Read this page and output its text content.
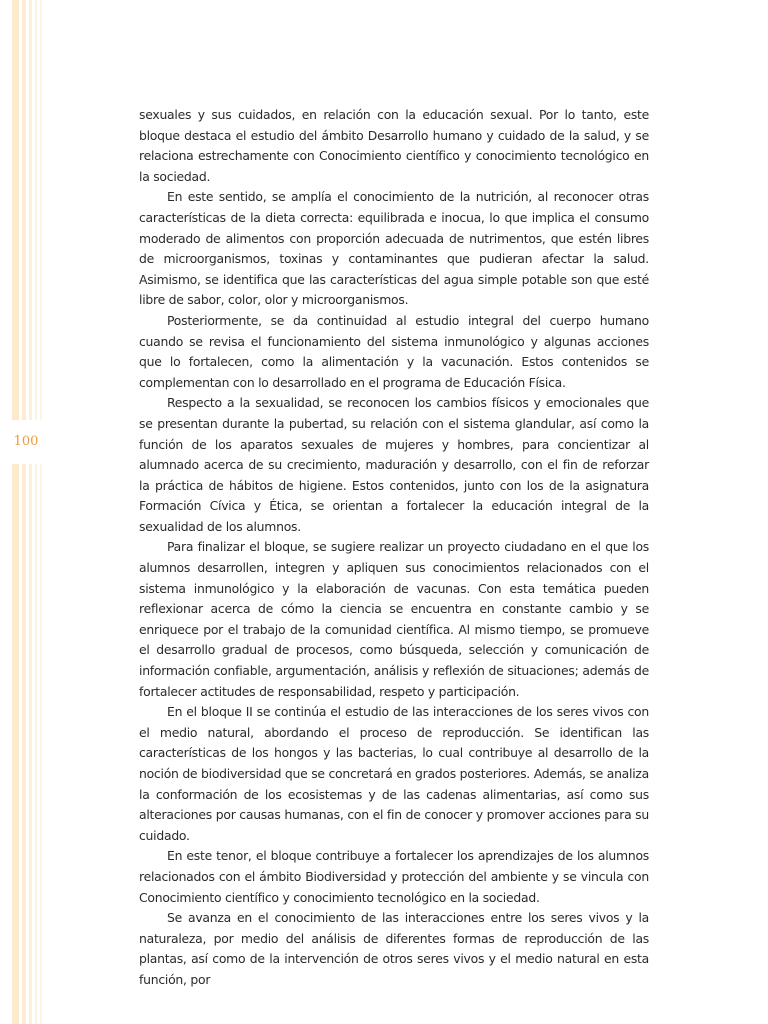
100

sexuales y sus cuidados, en relación con la educación sexual. Por lo tanto, este bloque destaca el estudio del ámbito Desarrollo humano y cuidado de la salud, y se relaciona estrechamente con Conocimiento científico y conocimiento tecnológico en la sociedad.

En este sentido, se amplía el conocimiento de la nutrición, al reconocer otras características de la dieta correcta: equilibrada e inocua, lo que implica el consumo moderado de alimentos con proporción adecuada de nutrimentos, que estén libres de microorganismos, toxinas y contaminantes que pudieran afectar la salud. Asimismo, se identifica que las características del agua simple potable son que esté libre de sabor, color, olor y microorganismos.

Posteriormente, se da continuidad al estudio integral del cuerpo humano cuando se revisa el funcionamiento del sistema inmunológico y algunas acciones que lo fortalecen, como la alimentación y la vacunación. Estos contenidos se complementan con lo desarrollado en el programa de Educación Física.

Respecto a la sexualidad, se reconocen los cambios físicos y emocionales que se presentan durante la pubertad, su relación con el sistema glandular, así como la función de los aparatos sexuales de mujeres y hombres, para concientizar al alumnado acerca de su crecimiento, maduración y desarrollo, con el fin de reforzar la práctica de hábitos de higiene. Estos contenidos, junto con los de la asignatura Formación Cívica y Ética, se orientan a fortalecer la educación integral de la sexualidad de los alumnos.

Para finalizar el bloque, se sugiere realizar un proyecto ciudadano en el que los alumnos desarrollen, integren y apliquen sus conocimientos relacionados con el sistema inmunológico y la elaboración de vacunas. Con esta temática pueden reflexionar acerca de cómo la ciencia se encuentra en constante cambio y se enriquece por el trabajo de la comunidad científica. Al mismo tiempo, se promueve el desarrollo gradual de procesos, como búsqueda, selección y comunicación de información confiable, argumentación, análisis y reflexión de situaciones; además de fortalecer actitudes de responsabilidad, respeto y participación.

En el bloque II se continúa el estudio de las interacciones de los seres vivos con el medio natural, abordando el proceso de reproducción. Se identifican las características de los hongos y las bacterias, lo cual contribuye al desarrollo de la noción de biodiversidad que se concretará en grados posteriores. Además, se analiza la conformación de los ecosistemas y de las cadenas alimentarias, así como sus alteraciones por causas humanas, con el fin de conocer y promover acciones para su cuidado.

En este tenor, el bloque contribuye a fortalecer los aprendizajes de los alumnos relacionados con el ámbito Biodiversidad y protección del ambiente y se vincula con Conocimiento científico y conocimiento tecnológico en la sociedad.

Se avanza en el conocimiento de las interacciones entre los seres vivos y la naturaleza, por medio del análisis de diferentes formas de reproducción de las plantas, así como de la intervención de otros seres vivos y el medio natural en esta función, por
